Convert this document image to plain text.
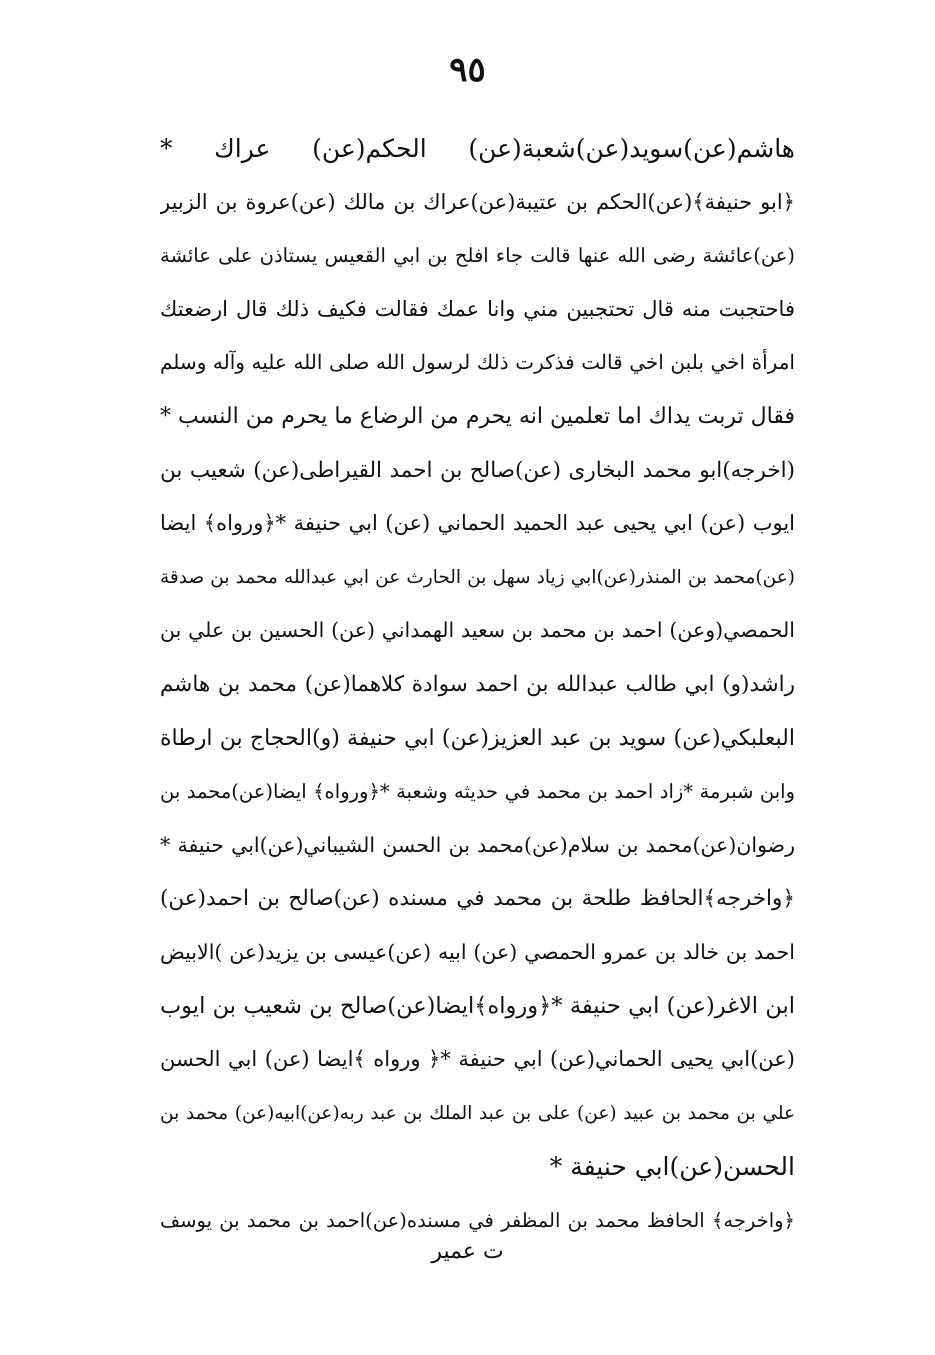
٩٥
هاشم(عن)سويد(عن)شعبة(عن) الحكم(عن) عراك *
﴿ابو حنيفة﴾(عن)الحكم بن عتيبة(عن)عراك بن مالك (عن)عروة بن الزبير
(عن)عائشة رضى الله عنها قالت جاء افلح بن ابي القعيس يستاذن على عائشة
فاحتجبت منه قال تحتجبين مني وانا عمك فقالت فكيف ذلك قال ارضعتك
امرأة اخي بلبن اخي قالت فذكرت ذلك لرسول الله صلى الله عليه وآله وسلم
فقال تربت يداك اما تعلمين انه يحرم من الرضاع ما يحرم من النسب *
(اخرجه)ابو محمد البخارى (عن)صالح بن احمد القيراطى(عن) شعيب بن
ايوب (عن) ابي يحيى عبد الحميد الحماني (عن) ابي حنيفة *﴿ورواه﴾ ايضا
(عن)محمد بن المنذر(عن)ابي زياد سهل بن الحارث عن ابي عبدالله محمد بن صدقة
الحمصي(وعن) احمد بن محمد بن سعيد الهمداني (عن) الحسين بن علي بن
راشد(و) ابي طالب عبدالله بن احمد سوادة كلاهما(عن) محمد بن هاشم
البعلبكي(عن) سويد بن عبد العزيز(عن) ابي حنيفة (و)الحجاج بن ارطاة
وابن شبرمة *زاد احمد بن محمد في حديثه وشعبة *﴿ورواه﴾ ايضا(عن)محمد بن
رضوان(عن)محمد بن سلام(عن)محمد بن الحسن الشيباني(عن)ابي حنيفة *
﴿واخرجه﴾الحافظ طلحة بن محمد في مسنده (عن)صالح بن احمد(عن)
احمد بن خالد بن عمرو الحمصي (عن) ابيه (عن)عيسى بن يزيد(عن )الابيض
ابن الاغر(عن) ابي حنيفة *﴿ورواه﴾ايضا(عن)صالح بن شعيب بن ايوب
(عن)ابي يحيى الحماني(عن) ابي حنيفة *﴿ ورواه ﴾ايضا (عن) ابي الحسن
علي بن محمد بن عبيد (عن) على بن عبد الملك بن عبد ربه(عن)ابيه(عن) محمد بن
الحسن(عن)ابي حنيفة *
﴿واخرجه﴾ الحافظ محمد بن المظفر في مسنده(عن)احمد بن محمد بن يوسف
ت عمير
